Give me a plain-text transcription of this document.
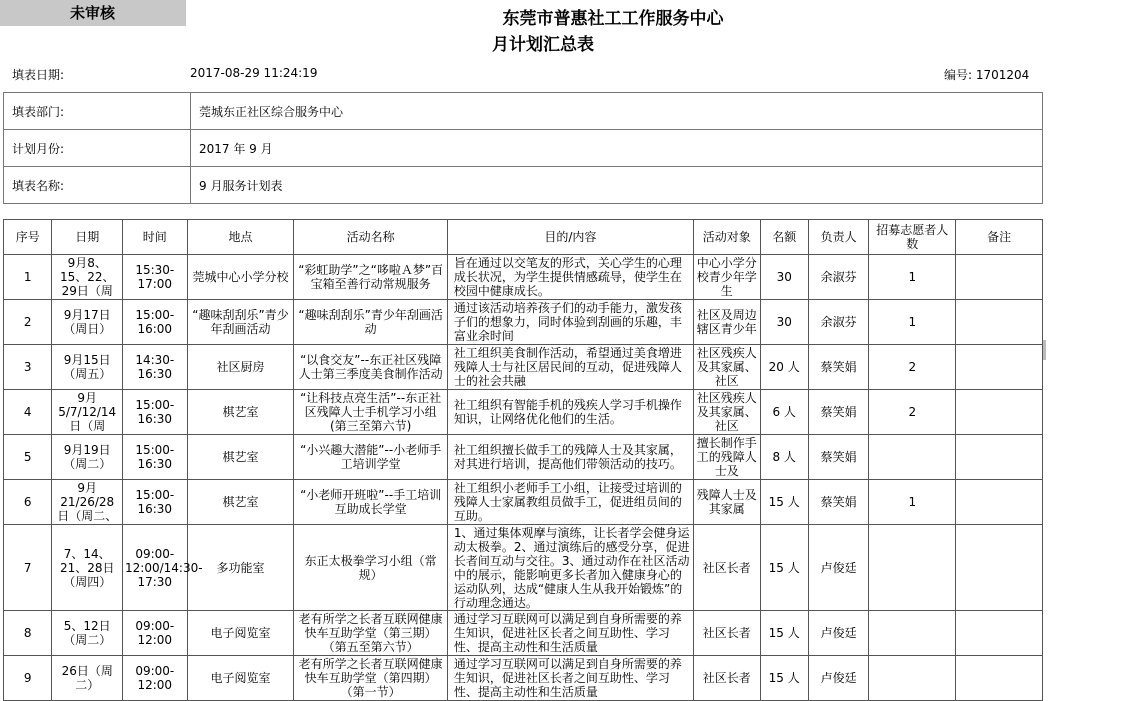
未审核	东莞市普惠社工工作服务中心
月计划汇总表
填表日期:	2017-08-29 11:24:19	编号: 1701204
填表部门:	莞城东正社区综合服务中心
计划月份:	2017 年 9 月
填表名称:	9 月服务计划表
序号	日期	时间	地点	活动名称	目的/内容	活动对象	名额	负责人	招募志愿者人数	备注

1	9月8、15、22、29日（周	15:30-17:00	莞城中心小学分校	“彩虹助学”之“哆啦Ａ梦”百宝箱至善行动常规服务	旨在通过以交笔友的形式，关心学生的心理成长状况，为学生提供情感疏导，使学生在校园中健康成长。	中心小学分校青少年学生	30	余淑芬	1	

2	9月17日（周日）	15:00-16:00	“趣味刮刮乐”青少年刮画活动	“趣味刮刮乐”青少年刮画活动	通过该活动培养孩子们的动手能力，激发孩子们的想象力，同时体验到刮画的乐趣，丰富业余时间	社区及周边辖区青少年	30	余淑芬	1	

3	9月15日（周五）	14:30-16:30	社区厨房	“以食交友”--东正社区残障人士第三季度美食制作活动	社工组织美食制作活动，希望通过美食增进残障人士与社区居民间的互动，促进残障人士的社会共融	社区残疾人及其家属、社区	20 人	蔡笑娟	2	

4	9月5/7/12/14日（周	15:00-16:30	棋艺室	“让科技点亮生活”--东正社区残障人士手机学习小组(第三至第六节)	社工组织有智能手机的残疾人学习手机操作知识，让网络优化他们的生活。	社区残疾人及其家属、社区	6 人	蔡笑娟	2	

5	9月19日（周二）	15:00-16:30	棋艺室	“小兴趣大潜能”--小老师手工培训学堂	社工组织擅长做手工的残障人士及其家属，对其进行培训，提高他们带领活动的技巧。	擅长制作手工的残障人士及	8 人	蔡笑娟		

6	9月21/26/28日（周二、	15:00-16:30	棋艺室	“小老师开班啦”--手工培训互助成长学堂	社工组织小老师手工小组，让接受过培训的残障人士家属教组员做手工，促进组员间的互助。	残障人士及其家属	15 人	蔡笑娟	1	

7	7、14、21、28日（周四）	09:00-12:00/14:30-17:30	多功能室	东正太极拳学习小组（常规）	1、通过集体观摩与演练，让长者学会健身运动太极拳。2、通过演练后的感受分享，促进长者间互动与交往。3、通过动作在社区活动中的展示，能影响更多长者加入健康身心的运动队列，达成“健康人生从我开始锻炼”的行动理念通达。	社区长者	15 人	卢俊廷		

8	5、12日（周二）	09:00-12:00	电子阅览室	老有所学之长者互联网健康快车互助学堂（第三期）（第五至第六节）	通过学习互联网可以满足到自身所需要的养生知识，促进社区长者之间互助性、学习性、提高主动性和生活质量	社区长者	15 人	卢俊廷		

9	26日（周二）	09:00-12:00	电子阅览室	老有所学之长者互联网健康快车互助学堂（第四期）（第一节）	通过学习互联网可以满足到自身所需要的养生知识，促进社区长者之间互助性、学习性、提高主动性和生活质量	社区长者	15 人	卢俊廷		
